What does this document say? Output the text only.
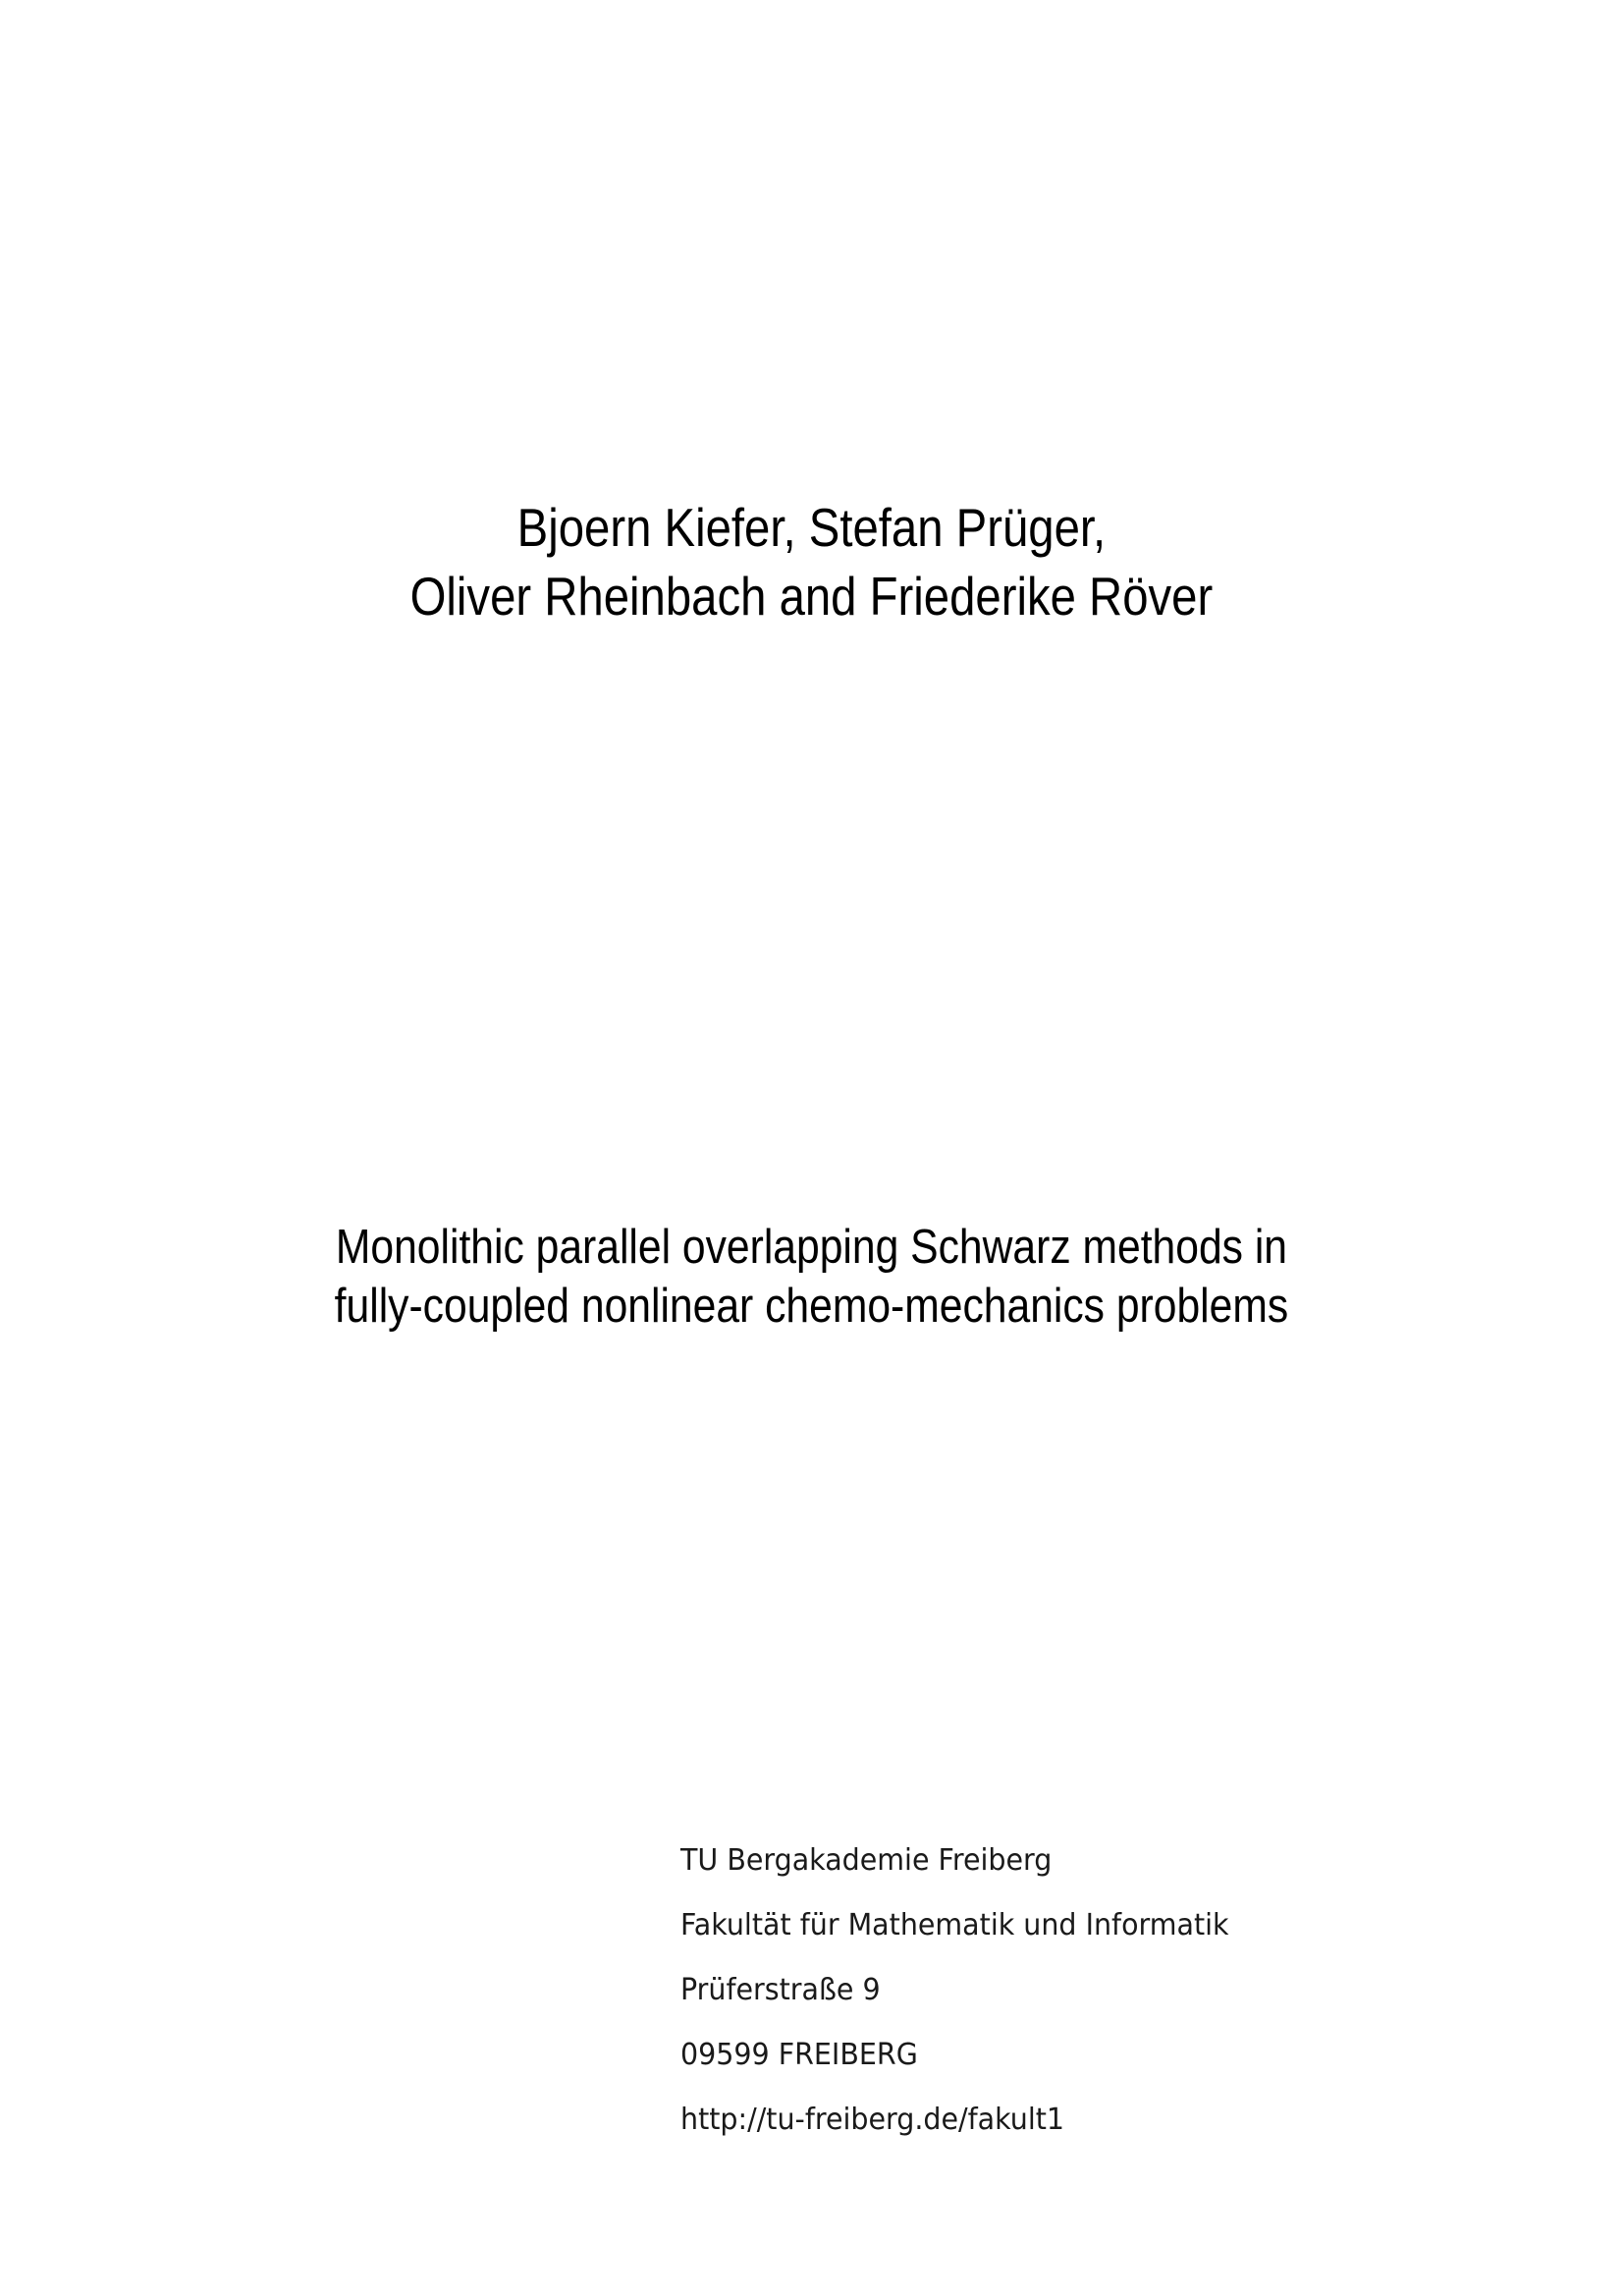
Bjoern Kiefer, Stefan Prüger,
Oliver Rheinbach and Friederike Röver
Monolithic parallel overlapping Schwarz methods in
fully-coupled nonlinear chemo-mechanics problems
TU Bergakademie Freiberg
Fakultät für Mathematik und Informatik
Prüferstraße 9
09599 FREIBERG
http://tu-freiberg.de/fakult1
